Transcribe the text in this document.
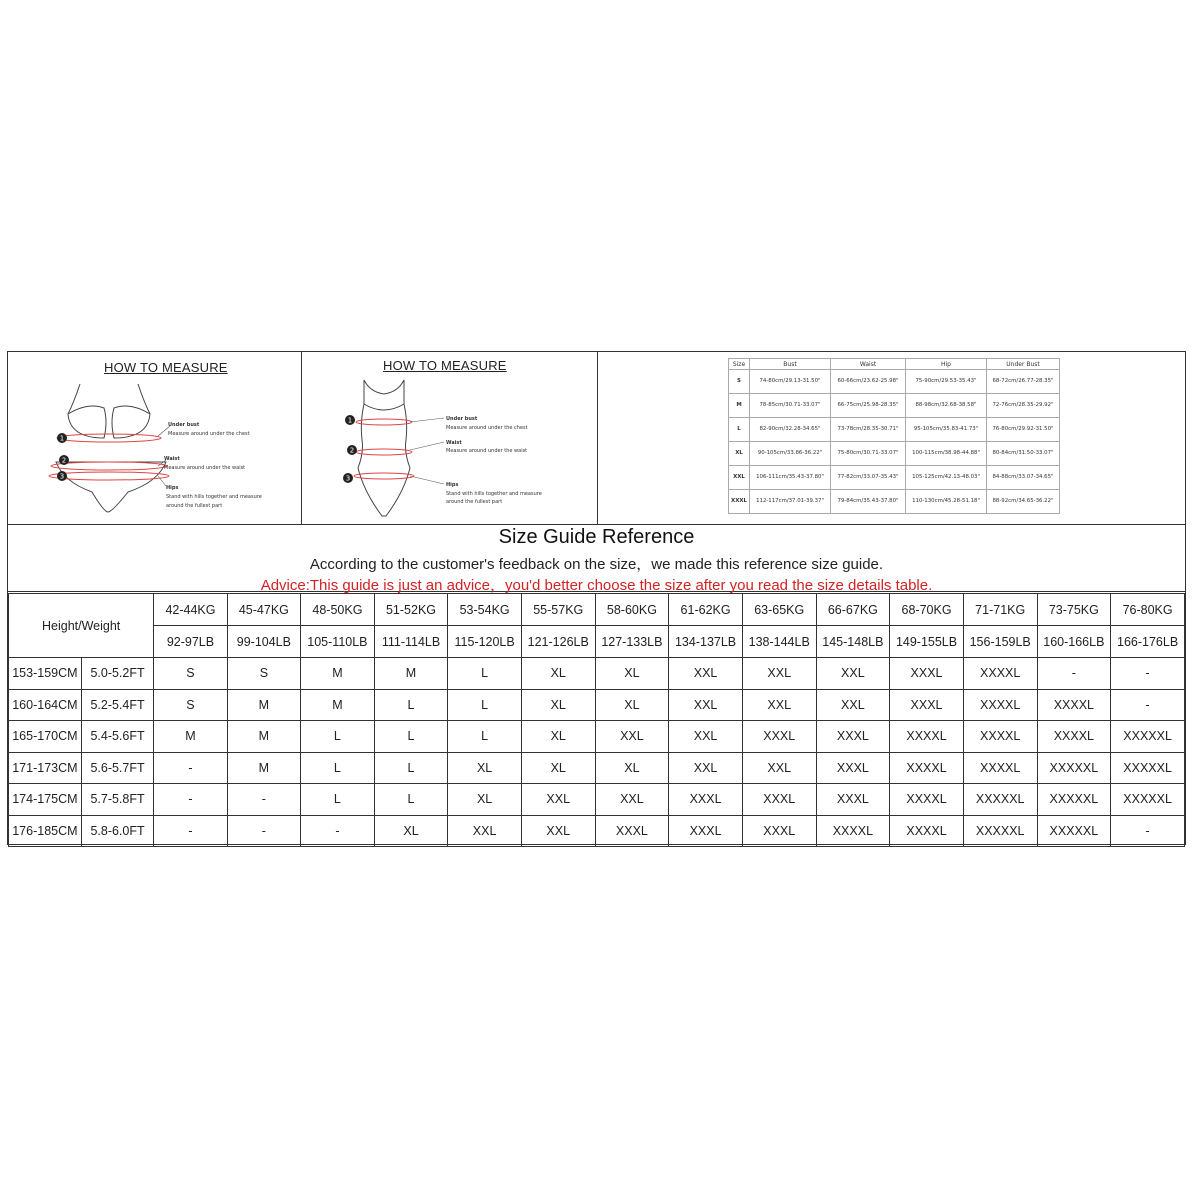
HOW TO MEASURE
1
2
3
Under bust
Measure around under the chest
Waist
Measure around under the waist
Hips
Stand with hills together and measure
around the fullest part
HOW TO MEASURE
1
2
3
Under bust
Measure around under the chest
Waist
Measure around under the waist
Hips
Stand with hills together and measure
around the fullest part
Size	Bust	Waist	Hip	Under Bust
S	74-80cm/29.13-31.50"	60-66cm/23.62-25.98"	75-90cm/29.53-35.43"	68-72cm/26.77-28.35"
M	78-85cm/30.71-33.07"	66-75cm/25.98-28.35"	88-98cm/32.68-38.58"	72-76cm/28.35-29.92"
L	82-90cm/32.28-34.65"	73-78cm/28.35-30.71"	95-105cm/35.83-41.73"	76-80cm/29.92-31.50"
XL	90-105cm/33.86-36.22"	75-80cm/30.71-33.07"	100-115cm/38.98-44.88"	80-84cm/31.50-33.07"
XXL	106-111cm/35.43-37.80"	77-82cm/33.07-35.43"	105-125cm/42.13-48.03"	84-88cm/33.07-34.65"
XXXL	112-117cm/37.01-39.37"	79-84cm/35.43-37.80"	110-130cm/45.28-51.18"	88-92cm/34.65-36.22"
Size Guide Reference
According to the customer's feedback on the size，we made this reference size guide.
Advice:This guide is just an advice，you'd better choose the size after you read the size details table.
Height/Weight		42-44KG	45-47KG	48-50KG	51-52KG	53-54KG	55-57KG	58-60KG	61-62KG	63-65KG	66-67KG	68-70KG	71-71KG	73-75KG	76-80KG
		92-97LB	99-104LB	105-110LB	111-114LB	115-120LB	121-126LB	127-133LB	134-137LB	138-144LB	145-148LB	149-155LB	156-159LB	160-166LB	166-176LB
153-159CM	5.0-5.2FT	S	S	M	M	L	XL	XL	XXL	XXL	XXL	XXXL	XXXXL	-	-
160-164CM	5.2-5.4FT	S	M	M	L	L	XL	XL	XXL	XXL	XXL	XXXL	XXXXL	XXXXL	-
165-170CM	5.4-5.6FT	M	M	L	L	L	XL	XXL	XXL	XXXL	XXXL	XXXXL	XXXXL	XXXXL	XXXXXL
171-173CM	5.6-5.7FT	-	M	L	L	XL	XL	XL	XXL	XXL	XXXL	XXXXL	XXXXL	XXXXXL	XXXXXL
174-175CM	5.7-5.8FT	-	-	L	L	XL	XXL	XXL	XXXL	XXXL	XXXL	XXXXL	XXXXXL	XXXXXL	XXXXXL
176-185CM	5.8-6.0FT	-	-	-	XL	XXL	XXL	XXXL	XXXL	XXXL	XXXXL	XXXXL	XXXXXL	XXXXXL	-
